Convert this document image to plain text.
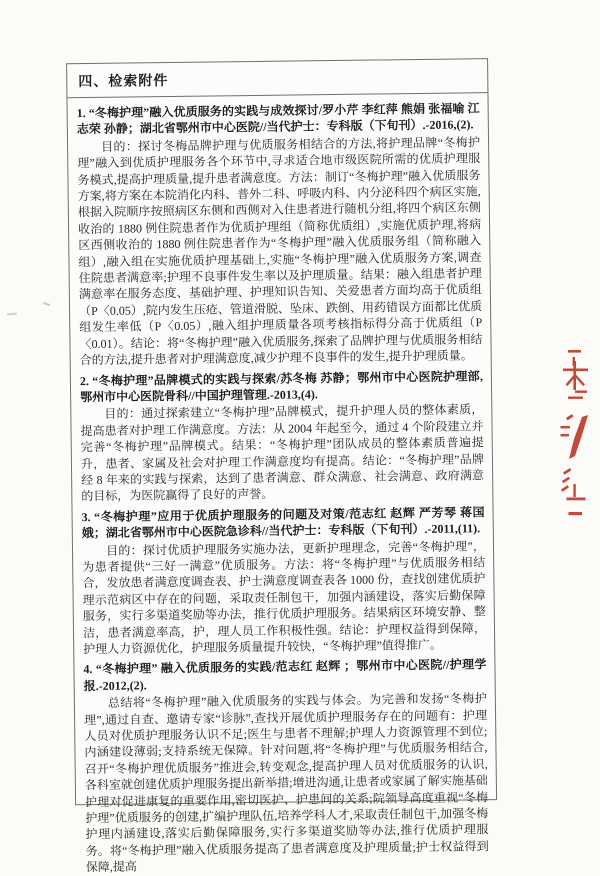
四、检索附件

1. “冬梅护理”融入优质服务的实践与成效探讨/罗小芹 李红萍 熊娟 张福喻 江志荣 孙静；湖北省鄂州市中心医院//当代护士：专科版（下旬刊）.-2016,(2).

目的：探讨冬梅品牌护理与优质服务相结合的方法,将护理品牌“冬梅护理”融入到优质护理服务各个环节中,寻求适合地市级医院所需的优质护理服务模式,提高护理质量,提升患者满意度。方法：制订“冬梅护理”融入优质服务方案,将方案在本院消化内科、普外二科、呼吸内科、内分泌科四个病区实施,根据入院顺序按照病区东侧和西侧对入住患者进行随机分组,将四个病区东侧收治的 1880 例住院患者作为优质护理组（简称优质组）,实施优质护理,将病区西侧收治的 1880 例住院患者作为“冬梅护理”融入优质服务组（简称融入组）,融入组在实施优质护理基础上,实施“冬梅护理”融入优质服务方案,调查住院患者满意率;护理不良事件发生率以及护理质量。结果：融入组患者护理满意率在服务态度、基础护理、护理知识告知、关爱患者方面均高于优质组（P〈0.05）,院内发生压疮、管道滑脱、坠床、跌倒、用药错误方面都比优质组发生率低（P〈0.05）,融入组护理质量各项考核指标得分高于优质组（P〈0.01）。结论：将“冬梅护理”融入优质服务,探索了品牌护理与优质服务相结合的方法,提升患者对护理满意度,减少护理不良事件的发生,提升护理质量。

2. “冬梅护理”品牌模式的实践与探索/苏冬梅 苏静；鄂州市中心医院护理部,鄂州市中心医院骨科//中国护理管理.-2013,(4).

目的：通过探索建立“冬梅护理”品牌模式，提升护理人员的整体素质，提高患者对护理工作满意度。方法：从 2004 年起至今，通过 4 个阶段建立并完善“冬梅护理”品牌模式。结果：“冬梅护理”团队成员的整体素质普遍提升，患者、家属及社会对护理工作满意度均有提高。结论：“冬梅护理”品牌经 8 年来的实践与探索，达到了患者满意、群众满意、社会满意、政府满意的目标，为医院赢得了良好的声誉。

3. “冬梅护理”应用于优质护理服务的问题及对策/范志红 赵辉 严芳琴 蒋国娥；湖北省鄂州市中心医院急诊科//当代护士：专科版（下旬刊）.-2011,(11).

目的：探讨优质护理服务实施办法，更新护理理念，完善“冬梅护理”，为患者提供“三好一满意”优质服务。方法：将“冬梅护理”与优质服务相结合，发放患者满意度调查表、护士满意度调查表各 1000 份，查找创建优质护理示范病区中存在的问题，采取责任制包干，加强内涵建设，落实后勤保障服务，实行多渠道奖励等办法，推行优质护理服务。结果病区环境安静、整洁，患者满意率高，护，理人员工作积极性强。结论：护理权益得到保障，护理人力资源优化，护理服务质量提升较快，“冬梅护理”值得推广。

4. “冬梅护理” 融入优质服务的实践/范志红 赵辉 ；鄂州市中心医院//护理学报.-2012,(2).

总结将“冬梅护理”融入优质服务的实践与体会。为完善和发扬“冬梅护理”,通过自查、邀请专家“诊脉”,查找开展优质护理服务存在的问题有：护理人员对优质护理服务认识不足;医生与患者不理解;护理人力资源管理不到位;内涵建设薄弱;支持系统无保障。针对问题,将“冬梅护理”与优质服务相结合,召开“冬梅护理优质服务”推进会,转变观念,提高护理人员对优质服务的认识,各科室就创建优质护理服务提出新举措;增进沟通,让患者或家属了解实施基础护理对促进康复的重要作用,密切医护、护患间的关系;院领导高度重视“冬梅护理”优质服务的创建,扩编护理队伍,培养学科人才,采取责任制包干,加强冬梅护理内涵建设,落实后勤保障服务,实行多渠道奖励等办法,推行优质护理服务。将“冬梅护理”融入优质服务提高了患者满意度及护理质量;护士权益得到保障,提高
